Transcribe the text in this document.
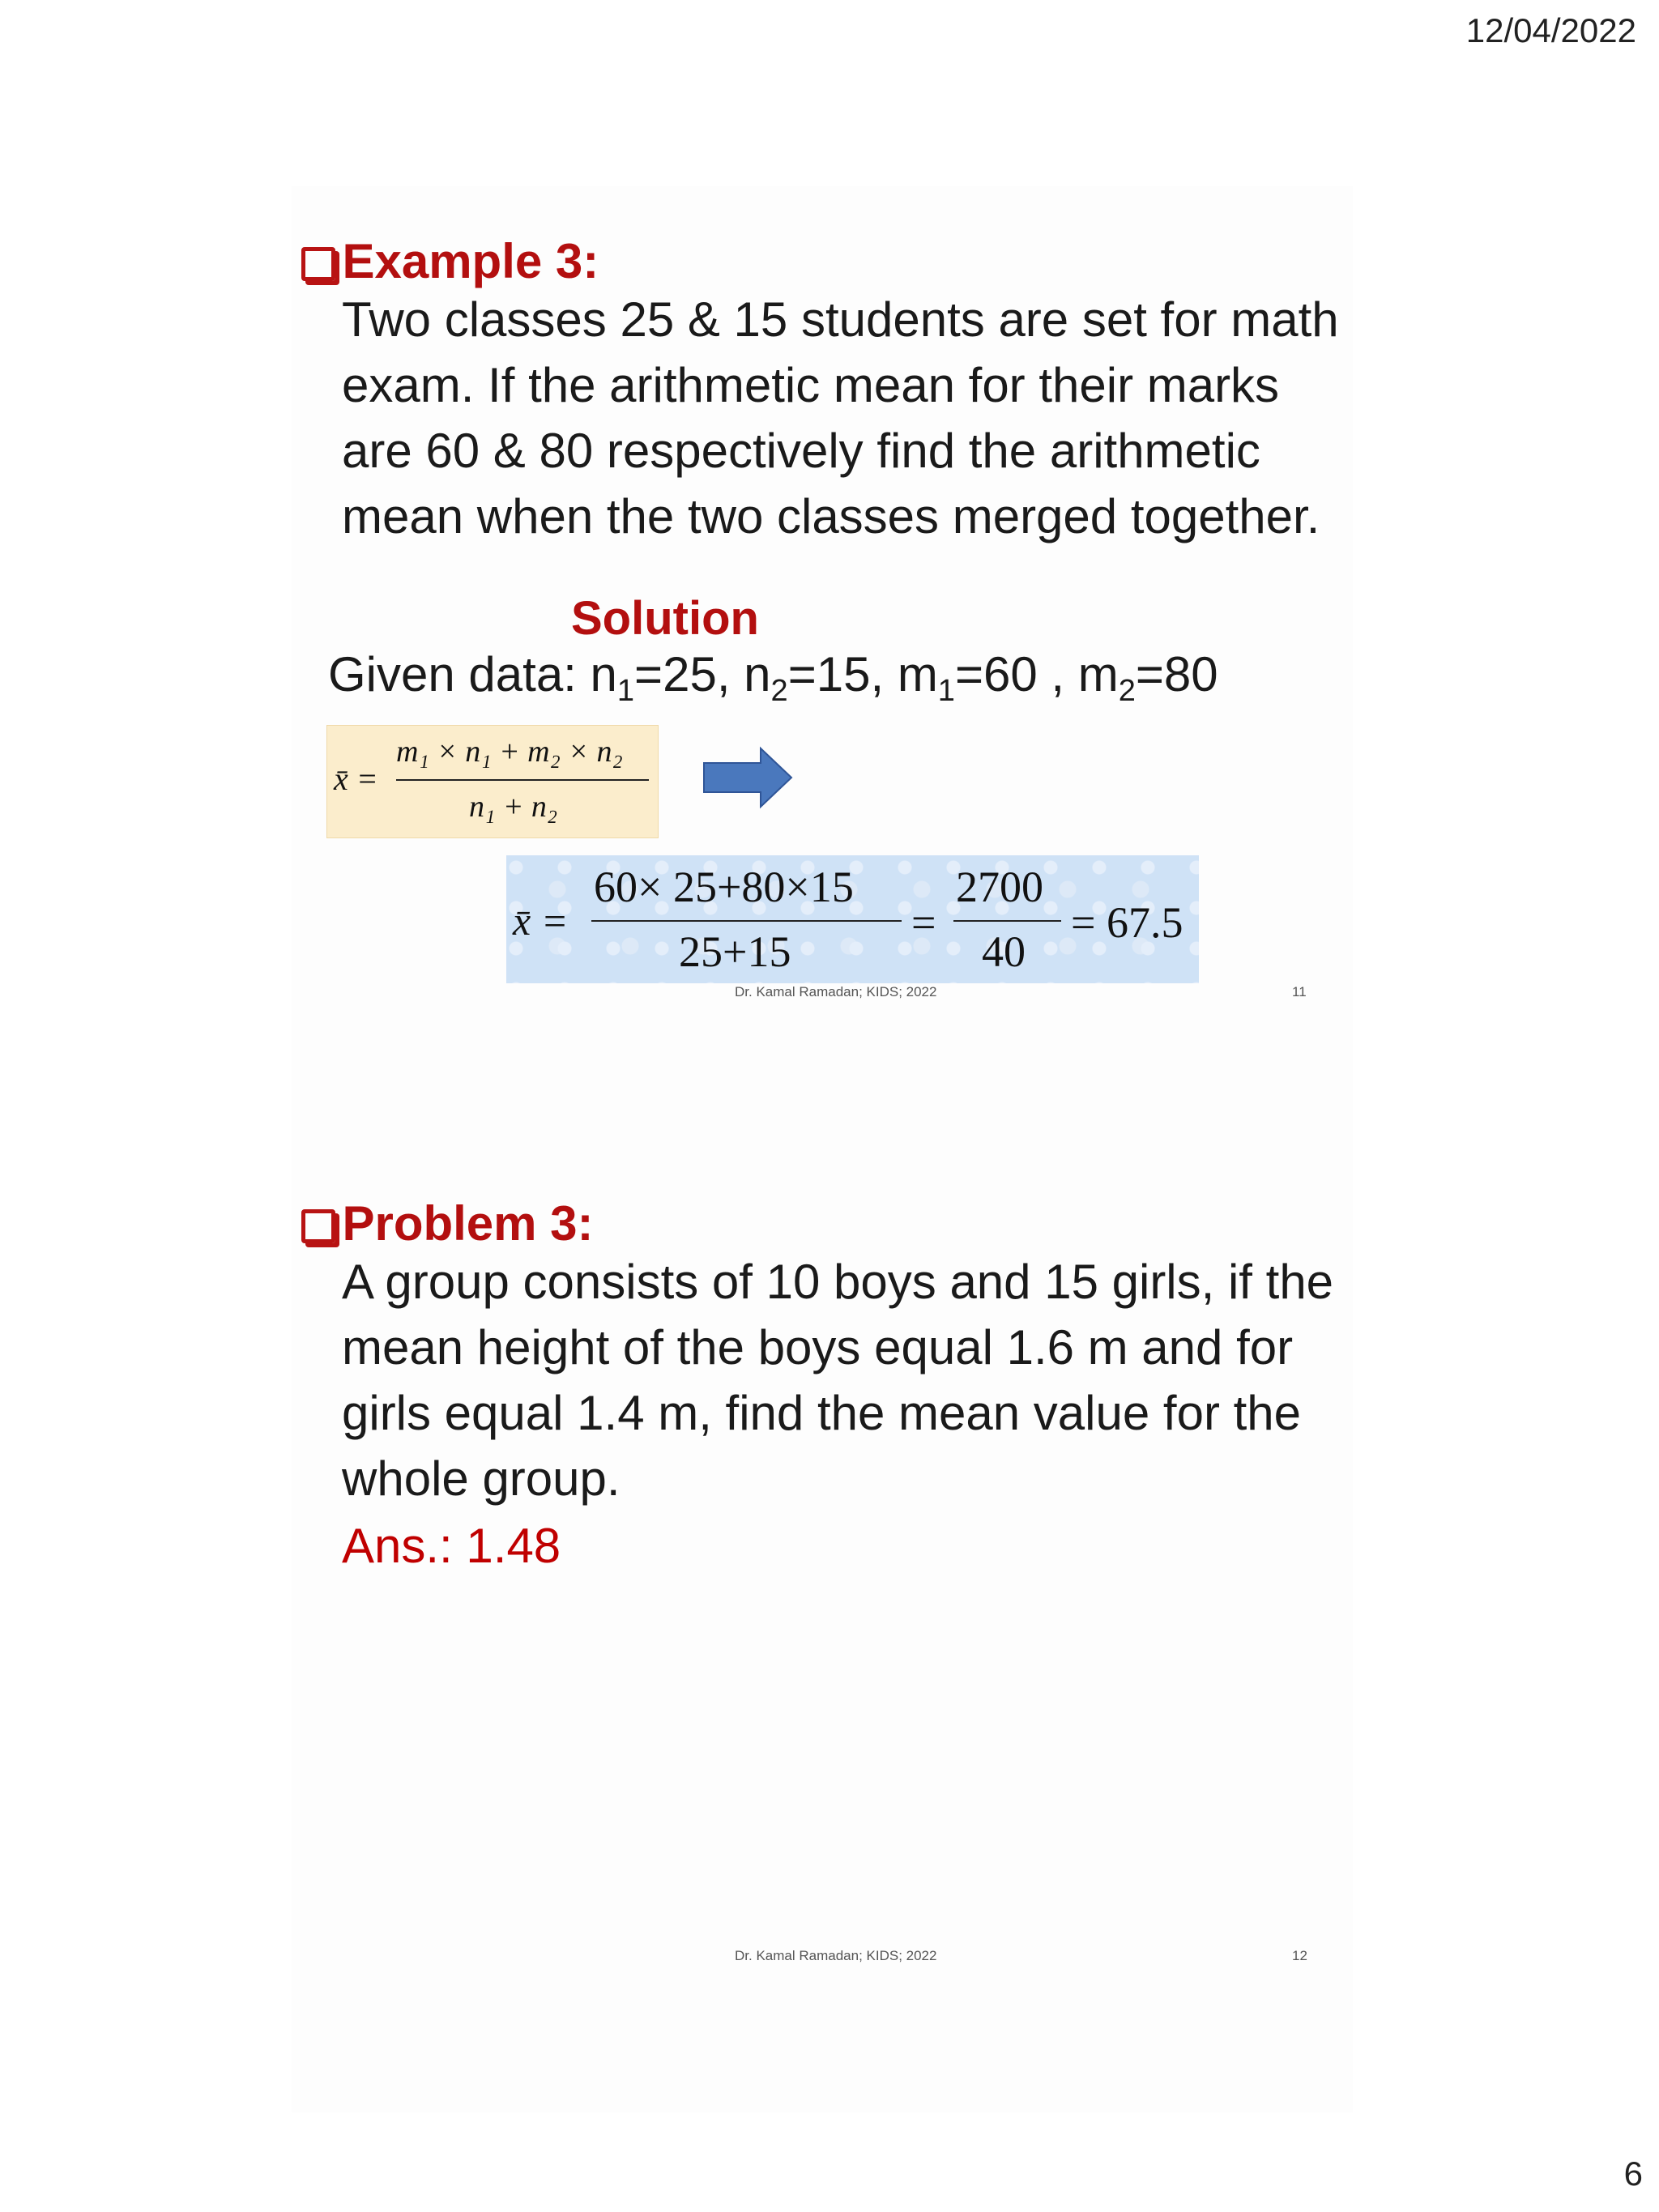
12/04/2022
Example 3:
Two classes 25 & 15 students are set for math
exam. If the arithmetic mean for their marks
are 60 & 80 respectively find the arithmetic
mean when the two classes merged together.
Solution
Given data: $n_1=25$, $n_2=15$, $m_1=60$ , $m_2=80$
x̄ =
m₁ × n₁ + m₂ × n₂
n₁ + n₂
x̄ =
60× 25+80×15
25+15
=
2700
40
= 67.5
Dr. Kamal Ramadan; KIDS; 2022	11
Problem 3:
A group consists of 10 boys and 15 girls, if the
mean height of the boys equal 1.6 m and for
girls equal 1.4 m, find the mean value for the
whole group.
Ans.: 1.48
Dr. Kamal Ramadan; KIDS; 2022	12
6
